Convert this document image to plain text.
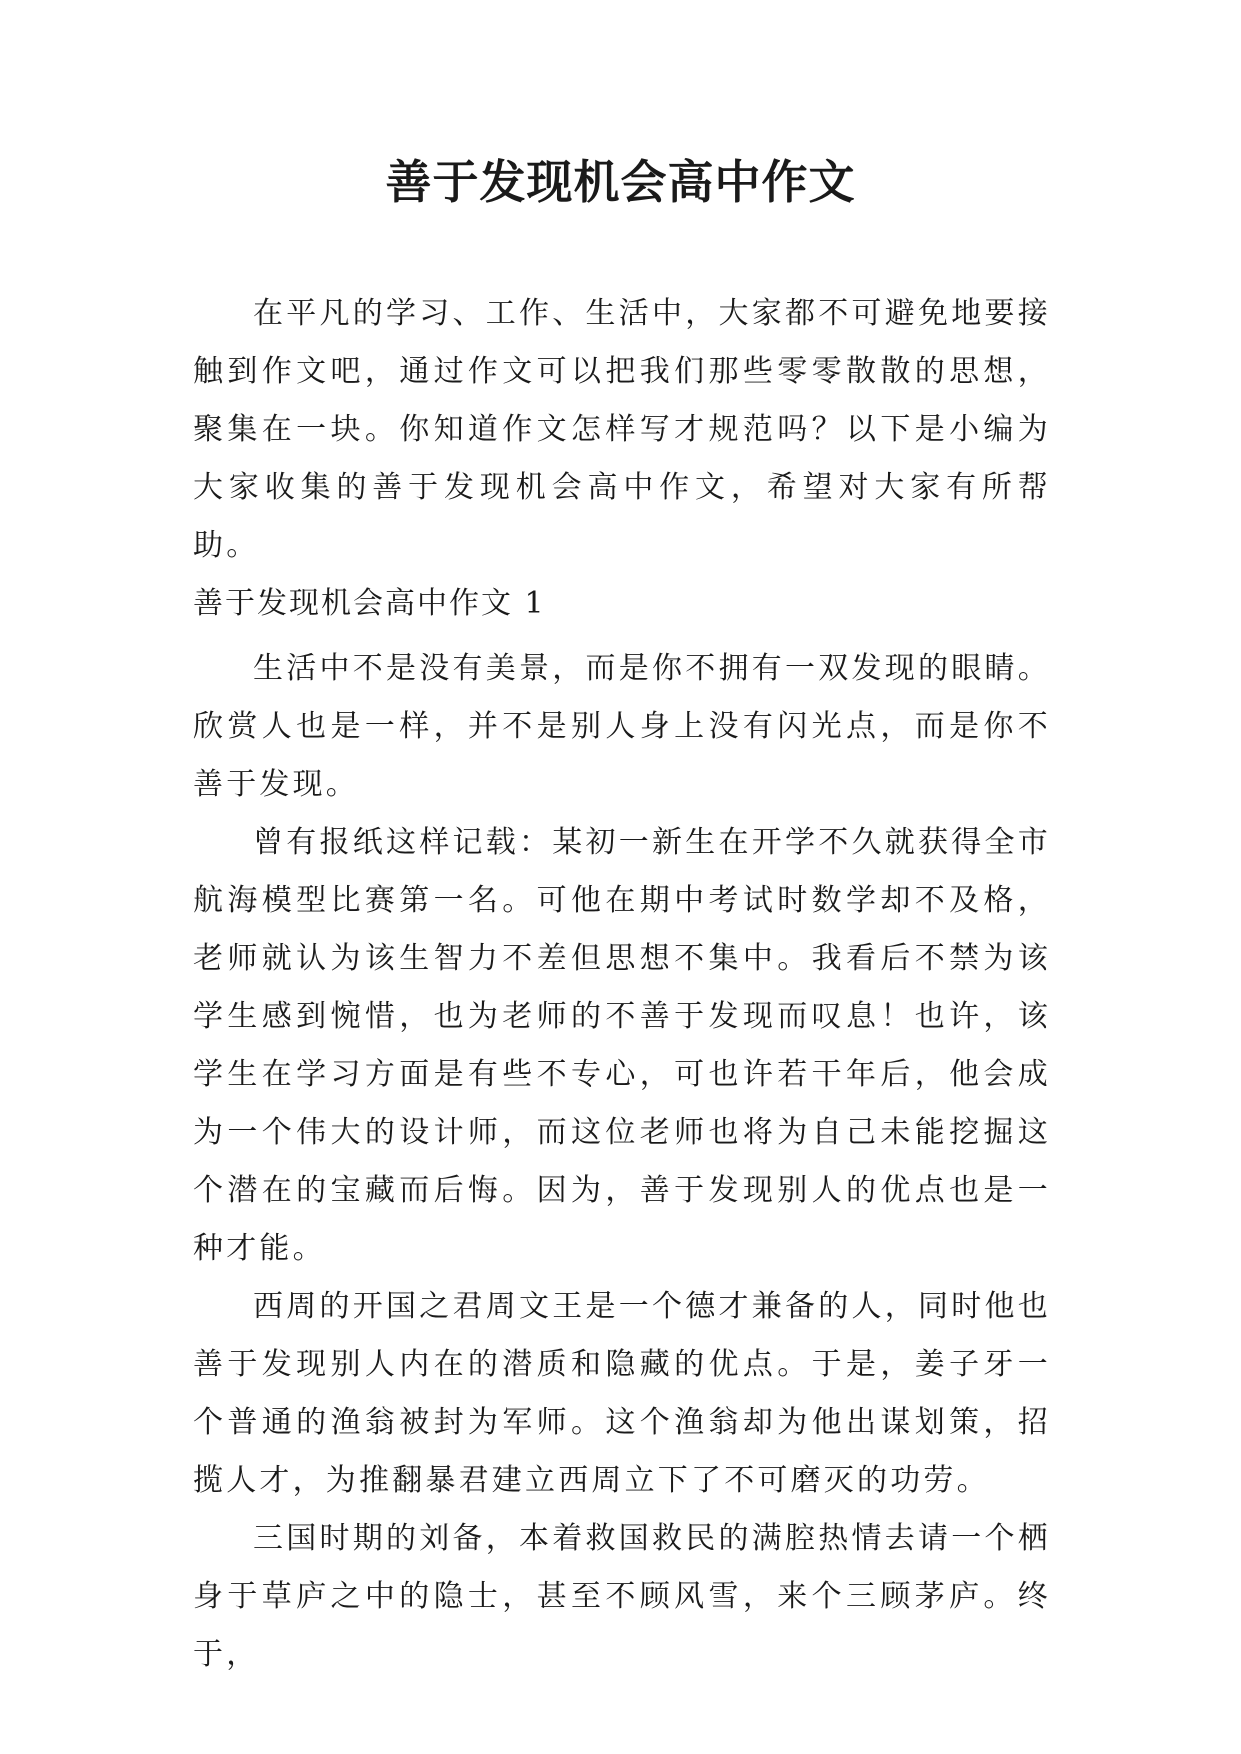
善于发现机会高中作文

在平凡的学习、工作、生活中，大家都不可避免地要接触到作文吧，通过作文可以把我们那些零零散散的思想，聚集在一块。你知道作文怎样写才规范吗？以下是小编为大家收集的善于发现机会高中作文，希望对大家有所帮助。

善于发现机会高中作文 1

生活中不是没有美景，而是你不拥有一双发现的眼睛。欣赏人也是一样，并不是别人身上没有闪光点，而是你不善于发现。

曾有报纸这样记载：某初一新生在开学不久就获得全市航海模型比赛第一名。可他在期中考试时数学却不及格，老师就认为该生智力不差但思想不集中。我看后不禁为该学生感到惋惜，也为老师的不善于发现而叹息！也许，该学生在学习方面是有些不专心，可也许若干年后，他会成为一个伟大的设计师，而这位老师也将为自己未能挖掘这个潜在的宝藏而后悔。因为，善于发现别人的优点也是一种才能。

西周的开国之君周文王是一个德才兼备的人，同时他也善于发现别人内在的潜质和隐藏的优点。于是，姜子牙一个普通的渔翁被封为军师。这个渔翁却为他出谋划策，招揽人才，为推翻暴君建立西周立下了不可磨灭的功劳。

三国时期的刘备，本着救国救民的满腔热情去请一个栖身于草庐之中的隐士，甚至不顾风雪，来个三顾茅庐。终于，
